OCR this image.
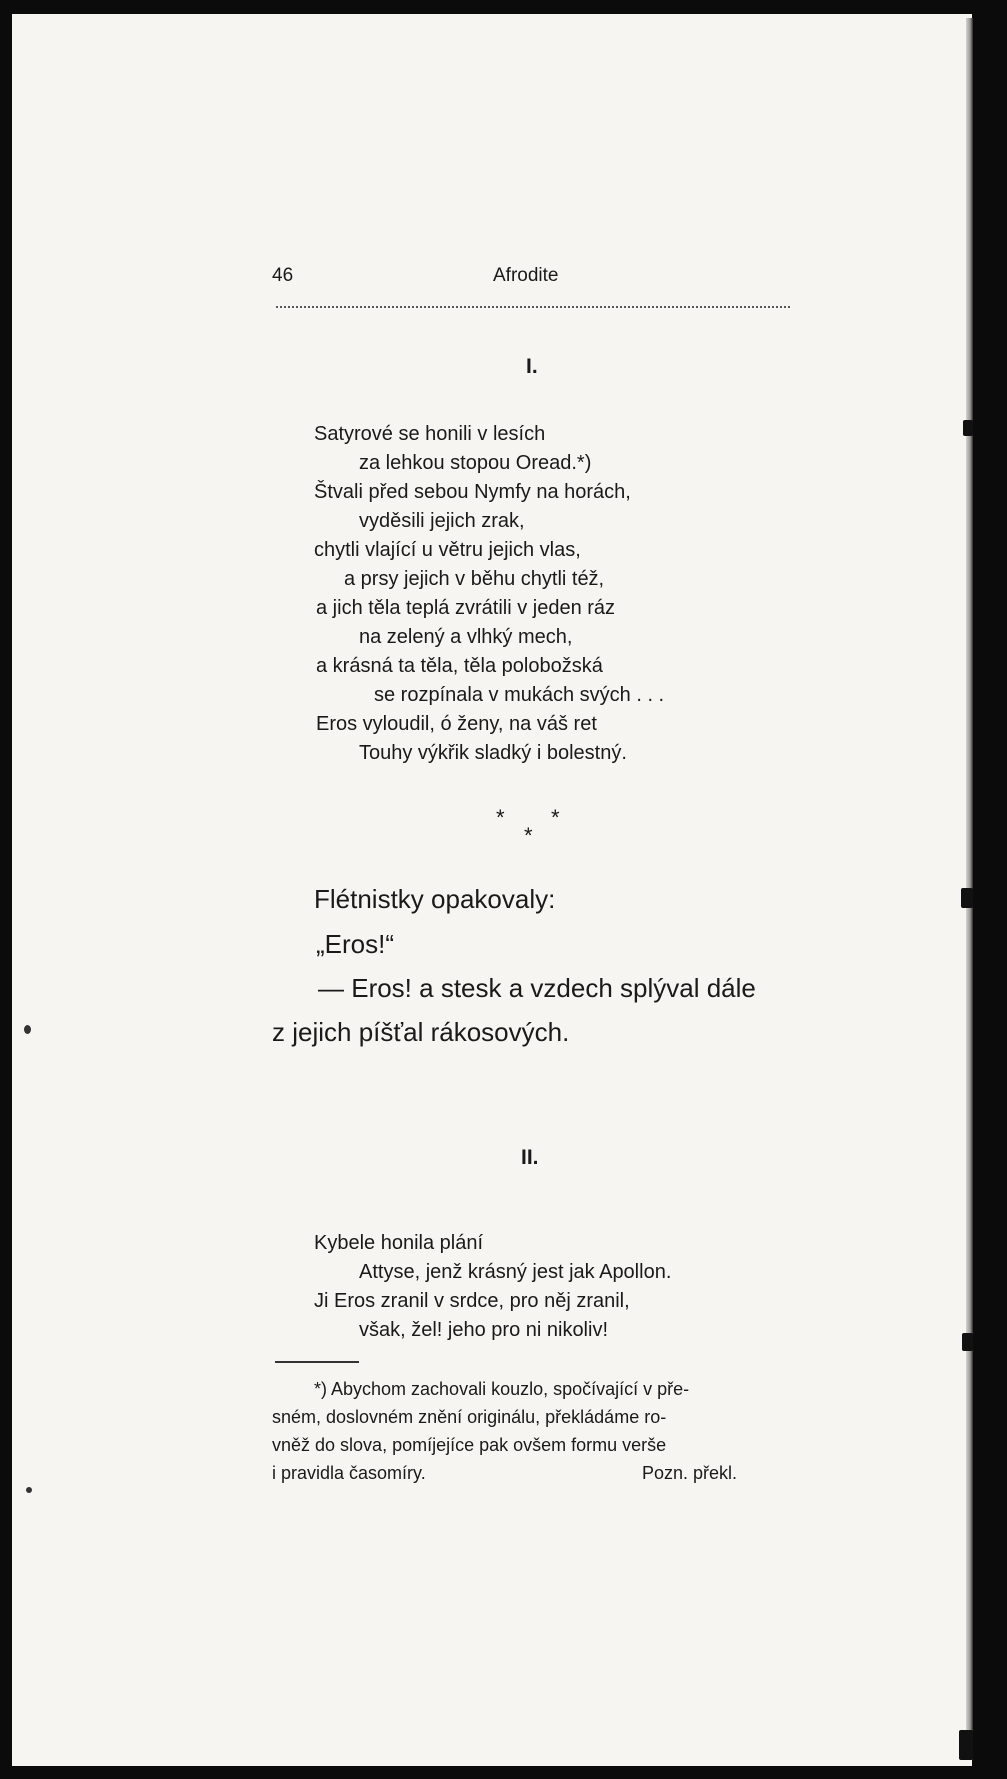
46	Afrodite
I.
Satyrové se honili v lesích
za lehkou stopou Oread.*)
Štvali před sebou Nymfy na horách,
vyděsili jejich zrak,
chytli vlající u větru jejich vlas,
a prsy jejich v běhu chytli též,
a jich těla teplá zvrátili v jeden ráz
na zelený a vlhký mech,
a krásná ta těla, těla polobožská
se rozpínala v mukách svých . . .
Eros vyloudil, ó ženy, na váš ret
Touhy výkřik sladký i bolestný.
* *
*
Flétnistky opakovaly:
„Eros!“
— Eros! a stesk a vzdech splýval dále
z jejich píšťal rákosových.
II.
Kybele honila plání
Attyse, jenž krásný jest jak Apollon.
Ji Eros zranil v srdce, pro něj zranil,
však, žel! jeho pro ni nikoliv!
*) Abychom zachovali kouzlo, spočívající v pře-
sném, doslovném znění originálu, překládáme ro-
vněž do slova, pomíjejíce pak ovšem formu verše
i pravidla časomíry.	Pozn. překl.
